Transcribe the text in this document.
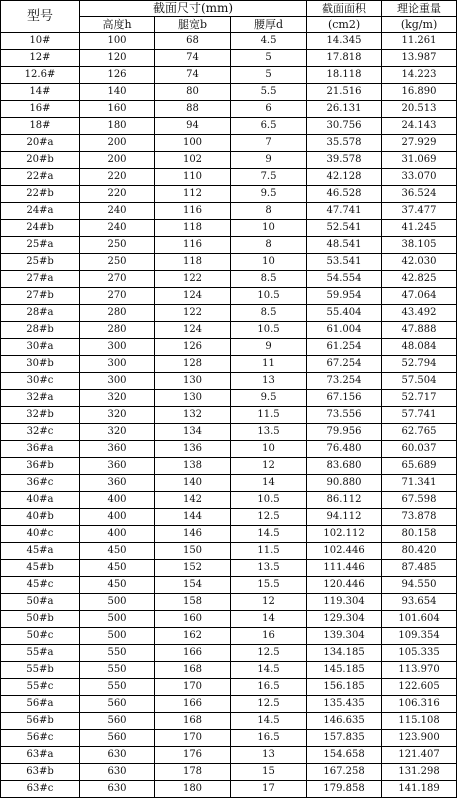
型号	截面尺寸(mm)			截面面积	理论重量
	高度h	腿宽b	腰厚d	(cm2)	(kg/m)
10#	100	68	4.5	14.345	11.261
12#	120	74	5	17.818	13.987
12.6#	126	74	5	18.118	14.223
14#	140	80	5.5	21.516	16.890
16#	160	88	6	26.131	20.513
18#	180	94	6.5	30.756	24.143
20#a	200	100	7	35.578	27.929
20#b	200	102	9	39.578	31.069
22#a	220	110	7.5	42.128	33.070
22#b	220	112	9.5	46.528	36.524
24#a	240	116	8	47.741	37.477
24#b	240	118	10	52.541	41.245
25#a	250	116	8	48.541	38.105
25#b	250	118	10	53.541	42.030
27#a	270	122	8.5	54.554	42.825
27#b	270	124	10.5	59.954	47.064
28#a	280	122	8.5	55.404	43.492
28#b	280	124	10.5	61.004	47.888
30#a	300	126	9	61.254	48.084
30#b	300	128	11	67.254	52.794
30#c	300	130	13	73.254	57.504
32#a	320	130	9.5	67.156	52.717
32#b	320	132	11.5	73.556	57.741
32#c	320	134	13.5	79.956	62.765
36#a	360	136	10	76.480	60.037
36#b	360	138	12	83.680	65.689
36#c	360	140	14	90.880	71.341
40#a	400	142	10.5	86.112	67.598
40#b	400	144	12.5	94.112	73.878
40#c	400	146	14.5	102.112	80.158
45#a	450	150	11.5	102.446	80.420
45#b	450	152	13.5	111.446	87.485
45#c	450	154	15.5	120.446	94.550
50#a	500	158	12	119.304	93.654
50#b	500	160	14	129.304	101.604
50#c	500	162	16	139.304	109.354
55#a	550	166	12.5	134.185	105.335
55#b	550	168	14.5	145.185	113.970
55#c	550	170	16.5	156.185	122.605
56#a	560	166	12.5	135.435	106.316
56#b	560	168	14.5	146.635	115.108
56#c	560	170	16.5	157.835	123.900
63#a	630	176	13	154.658	121.407
63#b	630	178	15	167.258	131.298
63#c	630	180	17	179.858	141.189
